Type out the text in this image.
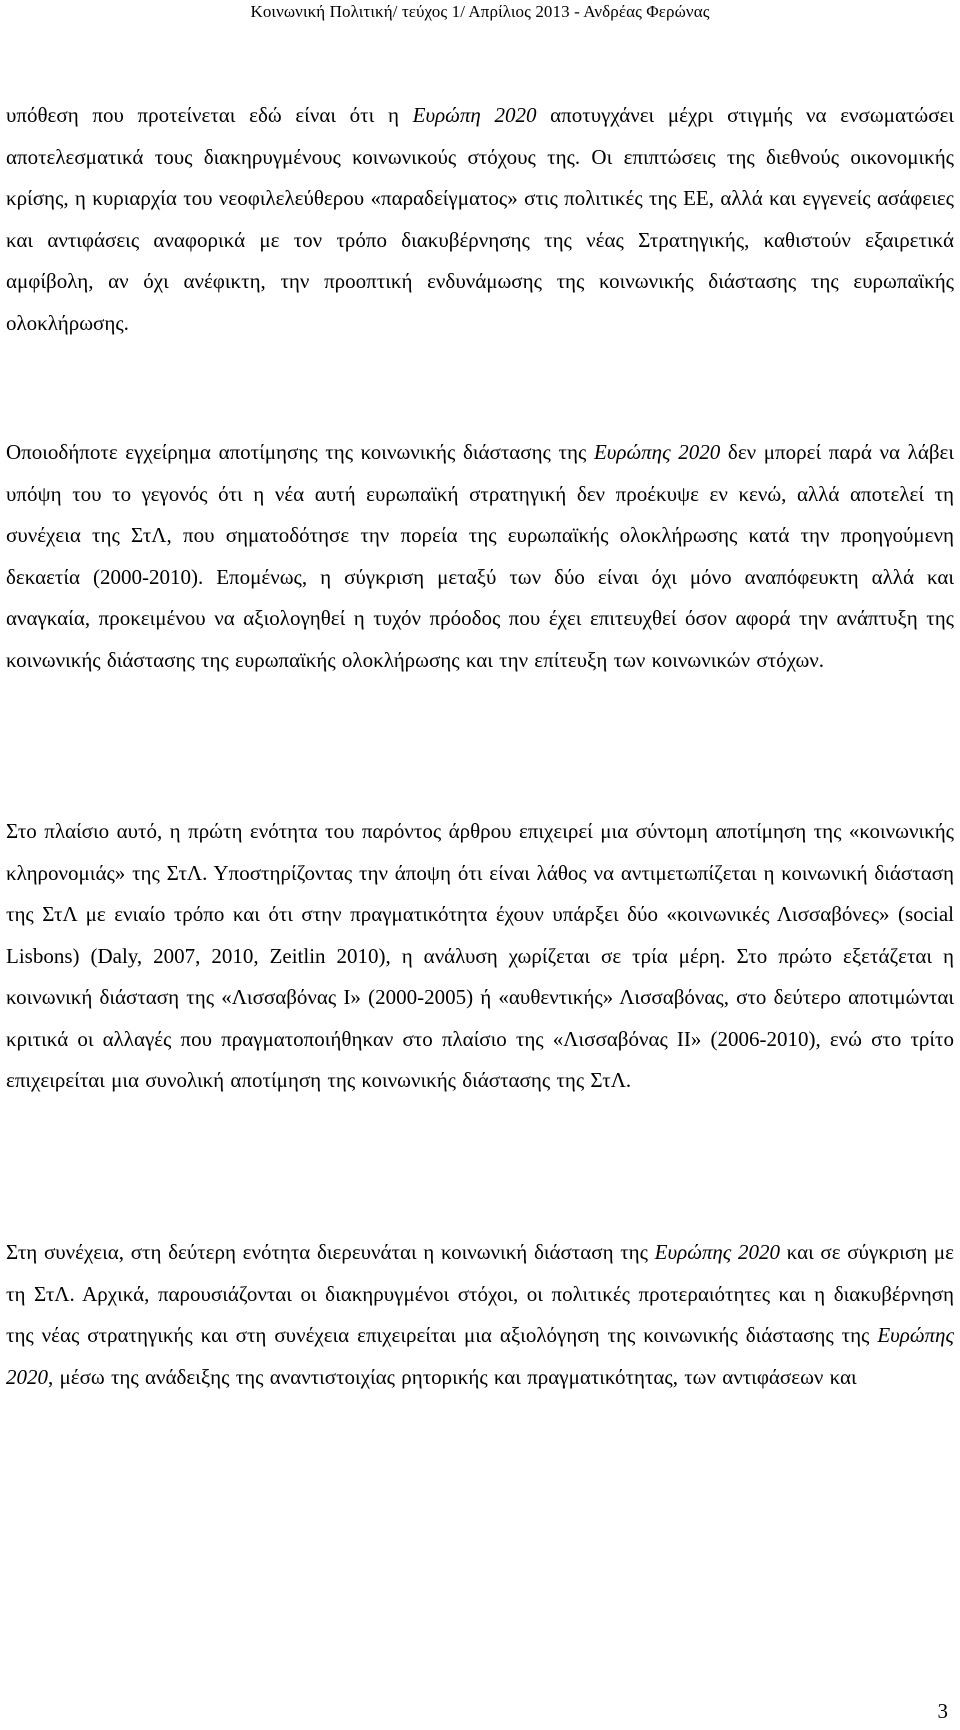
Κοινωνική Πολιτική/ τεύχος 1/ Απρίλιος 2013 - Ανδρέας Φερώνας

υπόθεση που προτείνεται εδώ είναι ότι η Ευρώπη 2020 αποτυγχάνει μέχρι στιγμής να ενσωματώσει αποτελεσματικά τους διακηρυγμένους κοινωνικούς στόχους της. Οι επιπτώσεις της διεθνούς οικονομικής κρίσης, η κυριαρχία του νεοφιλελεύθερου «παραδείγματος» στις πολιτικές της ΕΕ, αλλά και εγγενείς ασάφειες και αντιφάσεις αναφορικά με τον τρόπο διακυβέρνησης της νέας Στρατηγικής, καθιστούν εξαιρετικά αμφίβολη, αν όχι ανέφικτη, την προοπτική ενδυνάμωσης της κοινωνικής διάστασης της ευρωπαϊκής ολοκλήρωσης.

Οποιοδήποτε εγχείρημα αποτίμησης της κοινωνικής διάστασης της Ευρώπης 2020 δεν μπορεί παρά να λάβει υπόψη του το γεγονός ότι η νέα αυτή ευρωπαϊκή στρατηγική δεν προέκυψε εν κενώ, αλλά αποτελεί τη συνέχεια της ΣτΛ, που σηματοδότησε την πορεία της ευρωπαϊκής ολοκλήρωσης κατά την προηγούμενη δεκαετία (2000-2010). Επομένως, η σύγκριση μεταξύ των δύο είναι όχι μόνο αναπόφευκτη αλλά και αναγκαία, προκειμένου να αξιολογηθεί η τυχόν πρόοδος που έχει επιτευχθεί όσον αφορά την ανάπτυξη της κοινωνικής διάστασης της ευρωπαϊκής ολοκλήρωσης και την επίτευξη των κοινωνικών στόχων.

Στο πλαίσιο αυτό, η πρώτη ενότητα του παρόντος άρθρου επιχειρεί μια σύντομη αποτίμηση της «κοινωνικής κληρονομιάς» της ΣτΛ. Υποστηρίζοντας την άποψη ότι είναι λάθος να αντιμετωπίζεται η κοινωνική διάσταση της ΣτΛ με ενιαίο τρόπο και ότι στην πραγματικότητα έχουν υπάρξει δύο «κοινωνικές Λισσαβόνες» (social Lisbons) (Daly, 2007, 2010, Zeitlin 2010), η ανάλυση χωρίζεται σε τρία μέρη. Στο πρώτο εξετάζεται η κοινωνική διάσταση της «Λισσαβόνας Ι» (2000-2005) ή «αυθεντικής» Λισσαβόνας, στο δεύτερο αποτιμώνται κριτικά οι αλλαγές που πραγματοποιήθηκαν στο πλαίσιο της «Λισσαβόνας ΙΙ» (2006-2010), ενώ στο τρίτο επιχειρείται μια συνολική αποτίμηση της κοινωνικής διάστασης της ΣτΛ.

Στη συνέχεια, στη δεύτερη ενότητα διερευνάται η κοινωνική διάσταση της Ευρώπης 2020 και σε σύγκριση με τη ΣτΛ. Αρχικά, παρουσιάζονται οι διακηρυγμένοι στόχοι, οι πολιτικές προτεραιότητες και η διακυβέρνηση της νέας στρατηγικής και στη συνέχεια επιχειρείται μια αξιολόγηση της κοινωνικής διάστασης της Ευρώπης 2020, μέσω της ανάδειξης της αναντιστοιχίας ρητορικής και πραγματικότητας, των αντιφάσεων και

3
